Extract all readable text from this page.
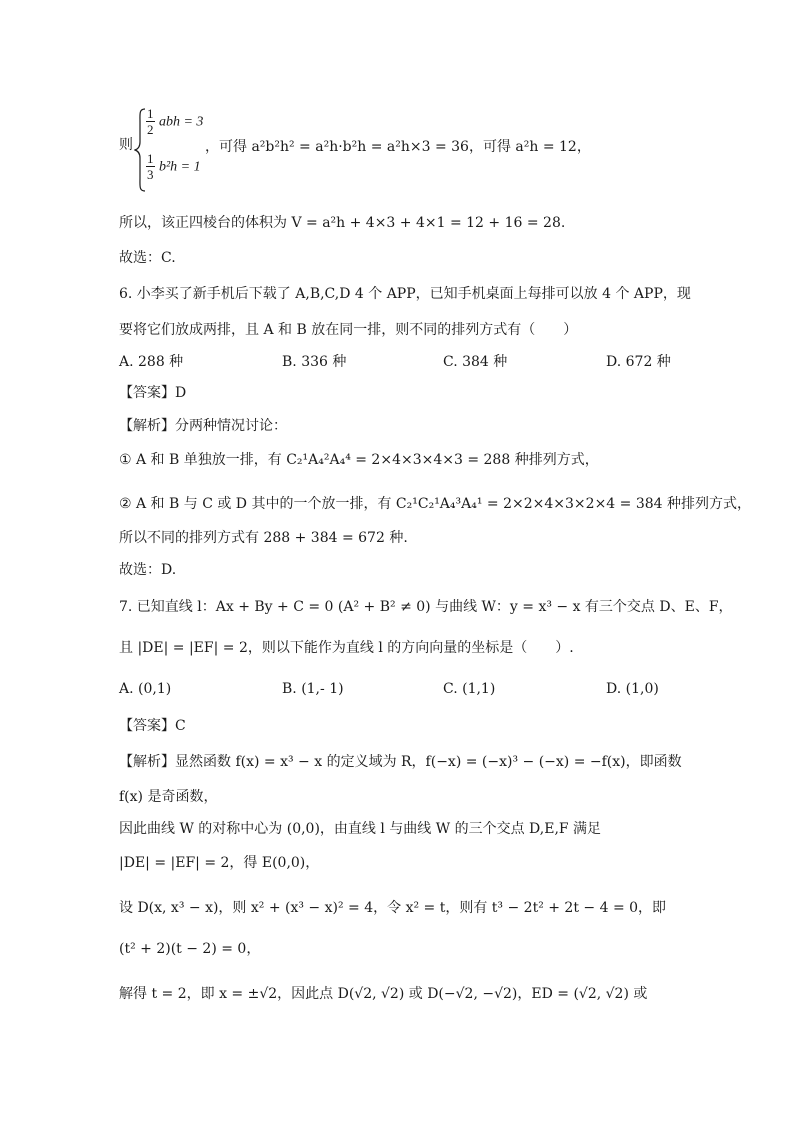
则
$\frac{1}{2}$ abh = 3
$\frac{1}{3} b^2h = 1$
，可得 a²b²h² = a²h·b²h = a²h×3 = 36，可得 a²h = 12，
所以，该正四棱台的体积为 V = a²h + 4×3 + 4×1 = 12 + 16 = 28.
故选：C.
6. 小李买了新手机后下载了 A,B,C,D 4 个 APP，已知手机桌面上每排可以放 4 个 APP，现
要将它们放成两排，且 A 和 B 放在同一排，则不同的排列方式有（　　）
A. 288 种	B. 336 种	C. 384 种	D. 672 种
【答案】D
【解析】分两种情况讨论：
① A 和 B 单独放一排，有 C₂¹A₄²A₄⁴ = 2×4×3×4×3 = 288 种排列方式，
② A 和 B 与 C 或 D 其中的一个放一排，有 C₂¹C₂¹A₄³A₄¹ = 2×2×4×3×2×4 = 384 种排列方式，
所以不同的排列方式有 288 + 384 = 672 种.
故选：D.
7. 已知直线 l：Ax + By + C = 0 (A² + B² ≠ 0) 与曲线 W：y = x³ − x 有三个交点 D、E、F，
且 |DE| = |EF| = 2，则以下能作为直线 l 的方向向量的坐标是（　　）.
A. (0,1)	B. (1,- 1)	C. (1,1)	D. (1,0)
【答案】C
【解析】显然函数 f(x) = x³ − x 的定义域为 R，f(−x) = (−x)³ − (−x) = −f(x)，即函数
f(x) 是奇函数，
因此曲线 W 的对称中心为 (0,0)，由直线 l 与曲线 W 的三个交点 D,E,F 满足
|DE| = |EF| = 2，得 E(0,0)，
设 D(x, x³ − x)，则 x² + (x³ − x)² = 4，令 x² = t，则有 t³ − 2t² + 2t − 4 = 0，即
(t² + 2)(t − 2) = 0，
解得 t = 2，即 x = ±√2，因此点 D(√2, √2) 或 D(−√2, −√2)，ED = (√2, √2) 或
